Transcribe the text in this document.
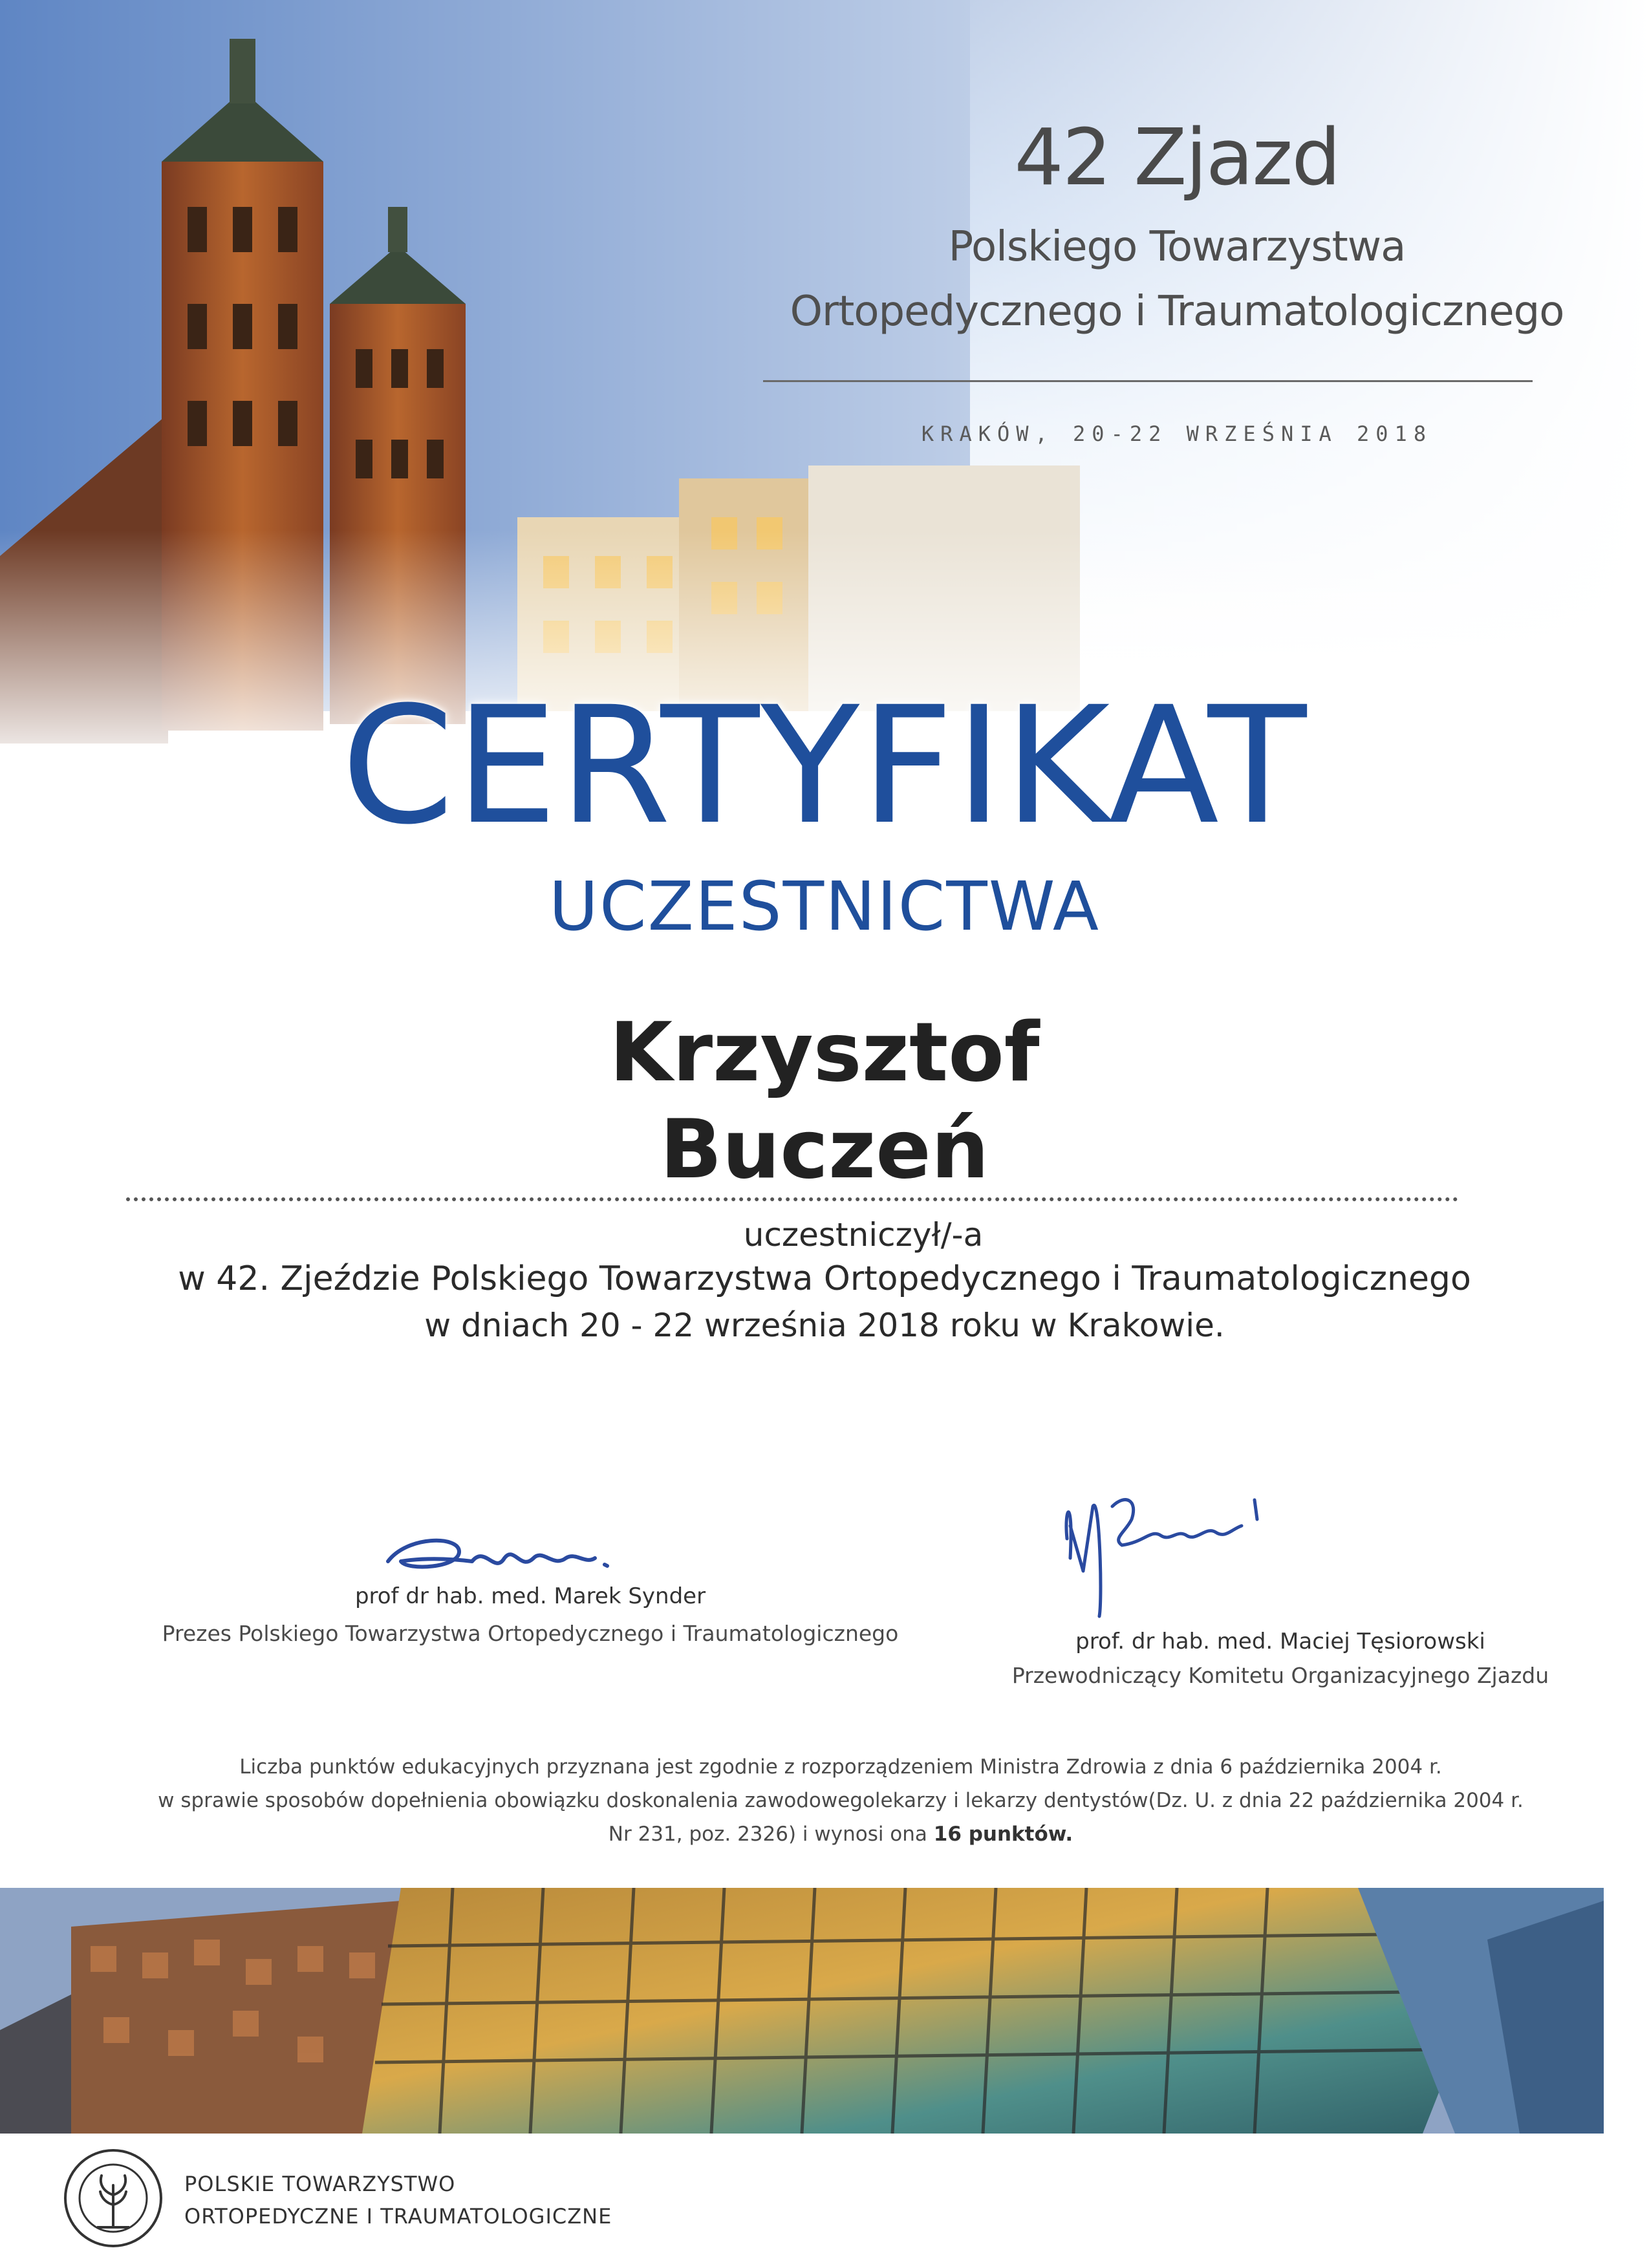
42 Zjazd
Polskiego Towarzystwa
Ortopedycznego i Traumatologicznego
KRAKÓW, 20-22 WRZEŚNIA 2018
CERTYFIKAT
UCZESTNICTWA
Krzysztof
Buczeń
uczestniczył/-a
w 42. Zjeździe Polskiego Towarzystwa Ortopedycznego i Traumatologicznego
w dniach 20 - 22 września 2018 roku w Krakowie.
prof dr hab. med. Marek Synder
Prezes Polskiego Towarzystwa Ortopedycznego i Traumatologicznego	prof. dr hab. med. Maciej Tęsiorowski
Przewodniczący Komitetu Organizacyjnego Zjazdu
Liczba punktów edukacyjnych przyznana jest zgodnie z rozporządzeniem Ministra Zdrowia z dnia 6 października 2004 r.
w sprawie sposobów dopełnienia obowiązku doskonalenia zawodowegolekarzy i lekarzy dentystów(Dz. U. z dnia 22 października 2004 r.
Nr 231, poz. 2326) i wynosi ona 16 punktów.
POLSKIE TOWARZYSTWO
ORTOPEDYCZNE I TRAUMATOLOGICZNE
